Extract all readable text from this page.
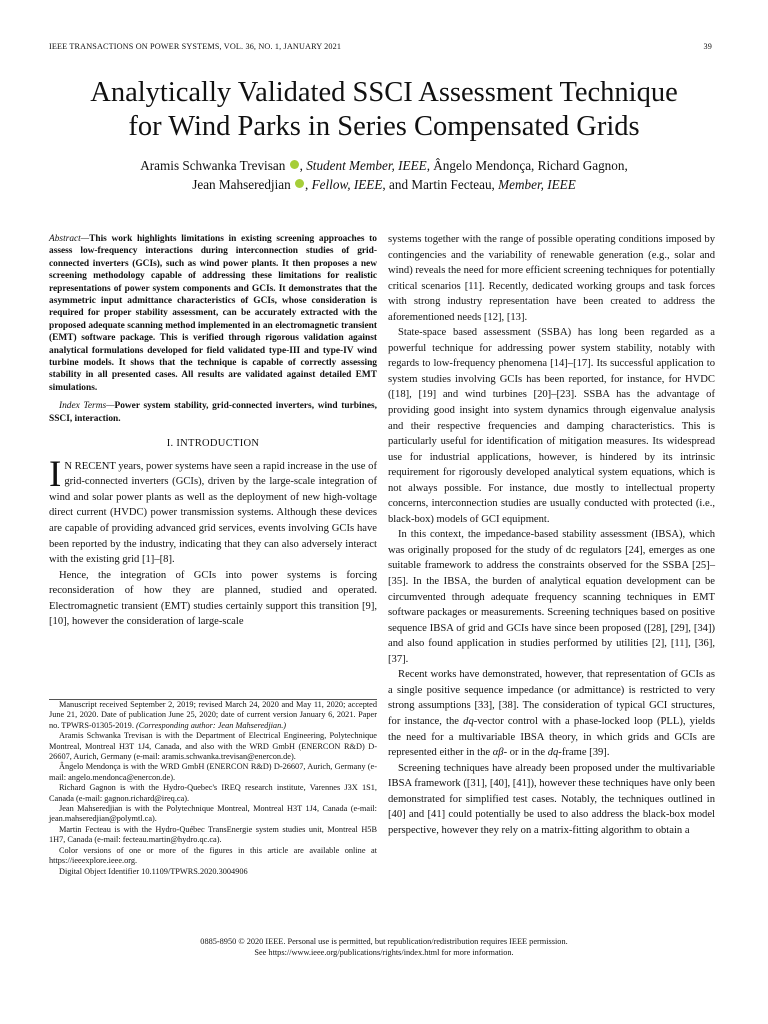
IEEE TRANSACTIONS ON POWER SYSTEMS, VOL. 36, NO. 1, JANUARY 2021	39
Analytically Validated SSCI Assessment Technique
for Wind Parks in Series Compensated Grids
Aramis Schwanka Trevisan , Student Member, IEEE, Ângelo Mendonça, Richard Gagnon,
Jean Mahseredjian , Fellow, IEEE, and Martin Fecteau, Member, IEEE

Abstract—This work highlights limitations in existing screening approaches to assess low-frequency interactions during interconnection studies of grid-connected inverters (GCIs), such as wind power plants. It then proposes a new screening methodology capable of addressing these limitations for realistic representations of power system components and GCIs. It demonstrates that the asymmetric input admittance characteristics of GCIs, whose consideration is required for proper stability assessment, can be accurately extracted with the proposed adequate scanning method implemented in an electromagnetic transient (EMT) software package. This is verified through rigorous validation against analytical formulations developed for field validated type-III and type-IV wind turbine models. It shows that the technique is capable of correctly assessing stability in all presented cases. All results are validated against detailed EMT simulations.

Index Terms—Power system stability, grid-connected inverters, wind turbines, SSCI, interaction.

I. INTRODUCTION

I N RECENT years, power systems have seen a rapid increase in the use of grid-connected inverters (GCIs), driven by the large-scale integration of wind and solar power plants as well as the deployment of new high-voltage direct current (HVDC) power transmission systems. Although these devices are capable of providing advanced grid services, events involving GCIs have been reported by the industry, indicating that they can also adversely interact with the existing grid [1]–[8].

Hence, the integration of GCIs into power systems is forcing reconsideration of how they are planned, studied and operated. Electromagnetic transient (EMT) studies certainly support this transition [9], [10], however the consideration of large-scale

Manuscript received September 2, 2019; revised March 24, 2020 and May 11, 2020; accepted June 21, 2020. Date of publication June 25, 2020; date of current version January 6, 2021. Paper no. TPWRS-01305-2019. (Corresponding author: Jean Mahseredjian.)

Aramis Schwanka Trevisan is with the Department of Electrical Engineering, Polytechnique Montreal, Montreal H3T 1J4, Canada, and also with the WRD GmbH (ENERCON R&D) D-26607, Aurich, Germany (e-mail: aramis.schwanka.trevisan@enercon.de).

Ângelo Mendonça is with the WRD GmbH (ENERCON R&D) D-26607, Aurich, Germany (e-mail: angelo.mendonca@enercon.de).

Richard Gagnon is with the Hydro-Quebec's IREQ research institute, Varennes J3X 1S1, Canada (e-mail: gagnon.richard@ireq.ca).

Jean Mahseredjian is with the Polytechnique Montreal, Montreal H3T 1J4, Canada (e-mail: jean.mahseredjian@polymtl.ca).

Martin Fecteau is with the Hydro-Québec TransEnergie system studies unit, Montreal H5B 1H7, Canada (e-mail: fecteau.martin@hydro.qc.ca).

Color versions of one or more of the figures in this article are available online at https://ieeexplore.ieee.org.

Digital Object Identifier 10.1109/TPWRS.2020.3004906

systems together with the range of possible operating conditions imposed by contingencies and the variability of renewable generation (e.g., solar and wind) reveals the need for more efficient screening techniques for potentially critical scenarios [11]. Recently, dedicated working groups and task forces with strong industry representation have been created to address the aforementioned needs [12], [13].

State-space based assessment (SSBA) has long been regarded as a powerful technique for addressing power system stability, notably with regards to low-frequency phenomena [14]–[17]. Its successful application to system studies involving GCIs has been reported, for instance, for HVDC ([18], [19] and wind turbines [20]–[23]. SSBA has the advantage of providing good insight into system dynamics through eigenvalue analysis and their respective frequencies and damping characteristics. This is particularly useful for identification of mitigation measures. Its widespread use for industrial applications, however, is hindered by its intrinsic requirement for rigorously developed analytical system equations, which is not always possible. For instance, due mostly to intellectual property concerns, interconnection studies are usually conducted with protected (i.e., black-box) models of GCI equipment.

In this context, the impedance-based stability assessment (IBSA), which was originally proposed for the study of dc regulators [24], emerges as one suitable framework to address the constraints observed for the SSBA [25]–[35]. In the IBSA, the burden of analytical equation development can be circumvented through adequate frequency scanning techniques in EMT software packages or measurements. Screening techniques based on positive sequence IBSA of grid and GCIs have since been proposed ([28], [29], [34]) and also found application in studies performed by utilities [2], [11], [36], [37].

Recent works have demonstrated, however, that representation of GCIs as a single positive sequence impedance (or admittance) is restricted to very strong assumptions [33], [38]. The consideration of typical GCI structures, for instance, the dq-vector control with a phase-locked loop (PLL), yields the need for a multivariable IBSA theory, in which grids and GCIs are represented either in the αβ- or in the dq-frame [39].

Screening techniques have already been proposed under the multivariable IBSA framework ([31], [40], [41]), however these techniques have only been demonstrated for simplified test cases. Notably, the techniques outlined in [40] and [41] could potentially be used to also address the black-box model perspective, however they rely on a matrix-fitting algorithm to obtain a

0885-8950 © 2020 IEEE. Personal use is permitted, but republication/redistribution requires IEEE permission.
See https://www.ieee.org/publications/rights/index.html for more information.
